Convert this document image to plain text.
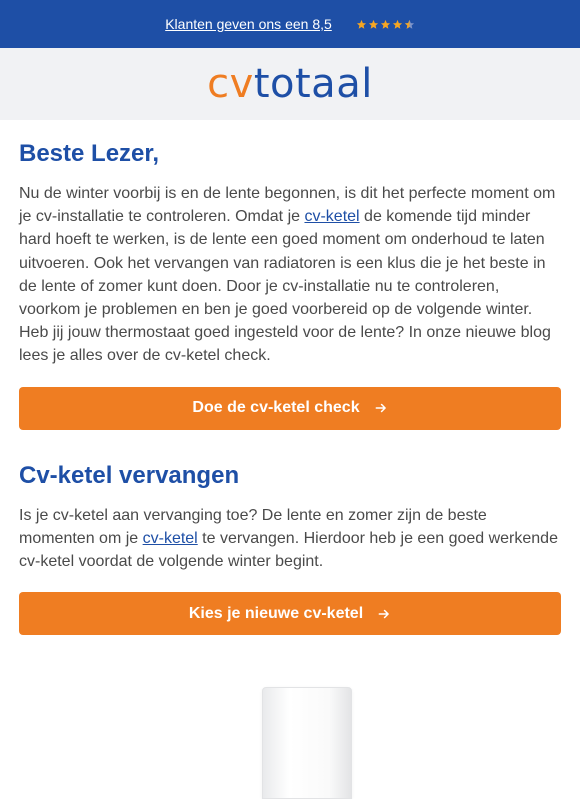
Klanten geven ons een 8,5
cvtotaal
Beste Lezer,

Nu de winter voorbij is en de lente begonnen, is dit het perfecte moment om je cv-installatie te controleren. Omdat je cv-ketel de komende tijd minder hard hoeft te werken, is de lente een goed moment om onderhoud te laten uitvoeren. Ook het vervangen van radiatoren is een klus die je het beste in de lente of zomer kunt doen. Door je cv-installatie nu te controleren, voorkom je problemen en ben je goed voorbereid op de volgende winter. Heb jij jouw thermostaat goed ingesteld voor de lente? In onze nieuwe blog lees je alles over de cv-ketel check.

Doe de cv-ketel check
Cv-ketel vervangen

Is je cv-ketel aan vervanging toe? De lente en zomer zijn de beste momenten om je cv-ketel te vervangen. Hierdoor heb je een goed werkende cv-ketel voordat de volgende winter begint.

Kies je nieuwe cv-ketel
